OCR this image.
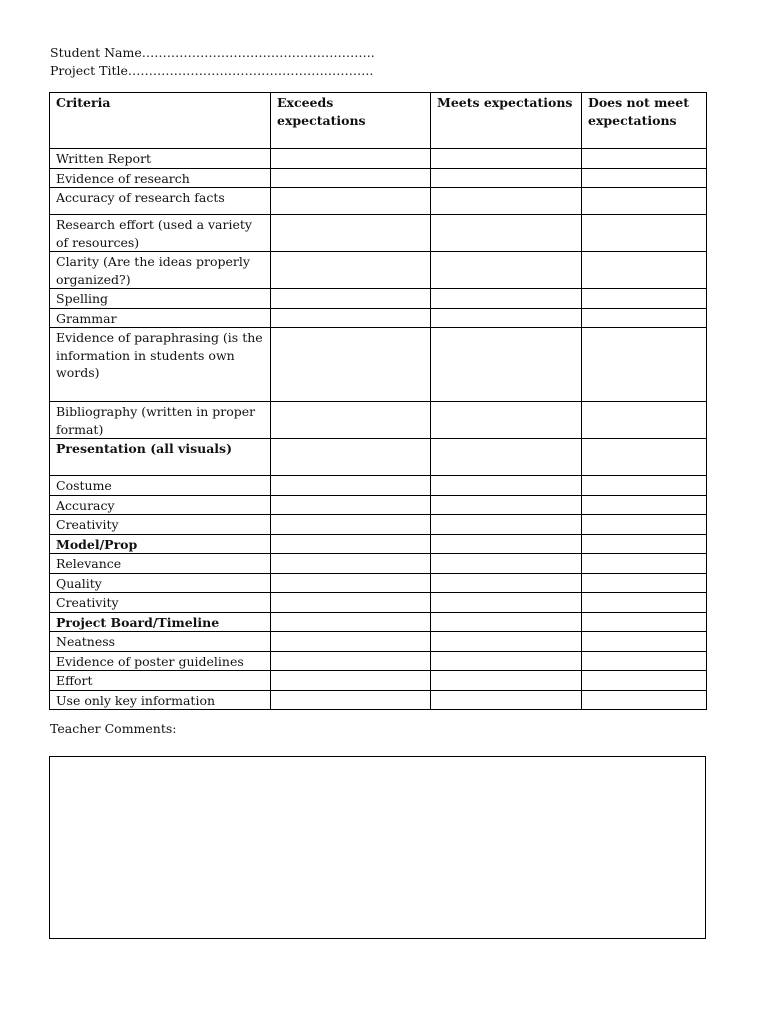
Student Name………………………………………………..
Project Title…………………………………………………..
Criteria	Exceeds expectations	Meets expectations	Does not meet expectations
Written Report			
Evidence of research			
Accuracy of research facts			
Research effort (used a variety of resources)			
Clarity (Are the ideas properly organized?)			
Spelling			
Grammar			
Evidence of paraphrasing (is the information in students own words)			
Bibliography (written in proper format)			
Presentation (all visuals)			
Costume			
Accuracy			
Creativity			
Model/Prop			
Relevance			
Quality			
Creativity			
Project Board/Timeline			
Neatness			
Evidence of poster guidelines			
Effort			
Use only key information			
Teacher Comments:
